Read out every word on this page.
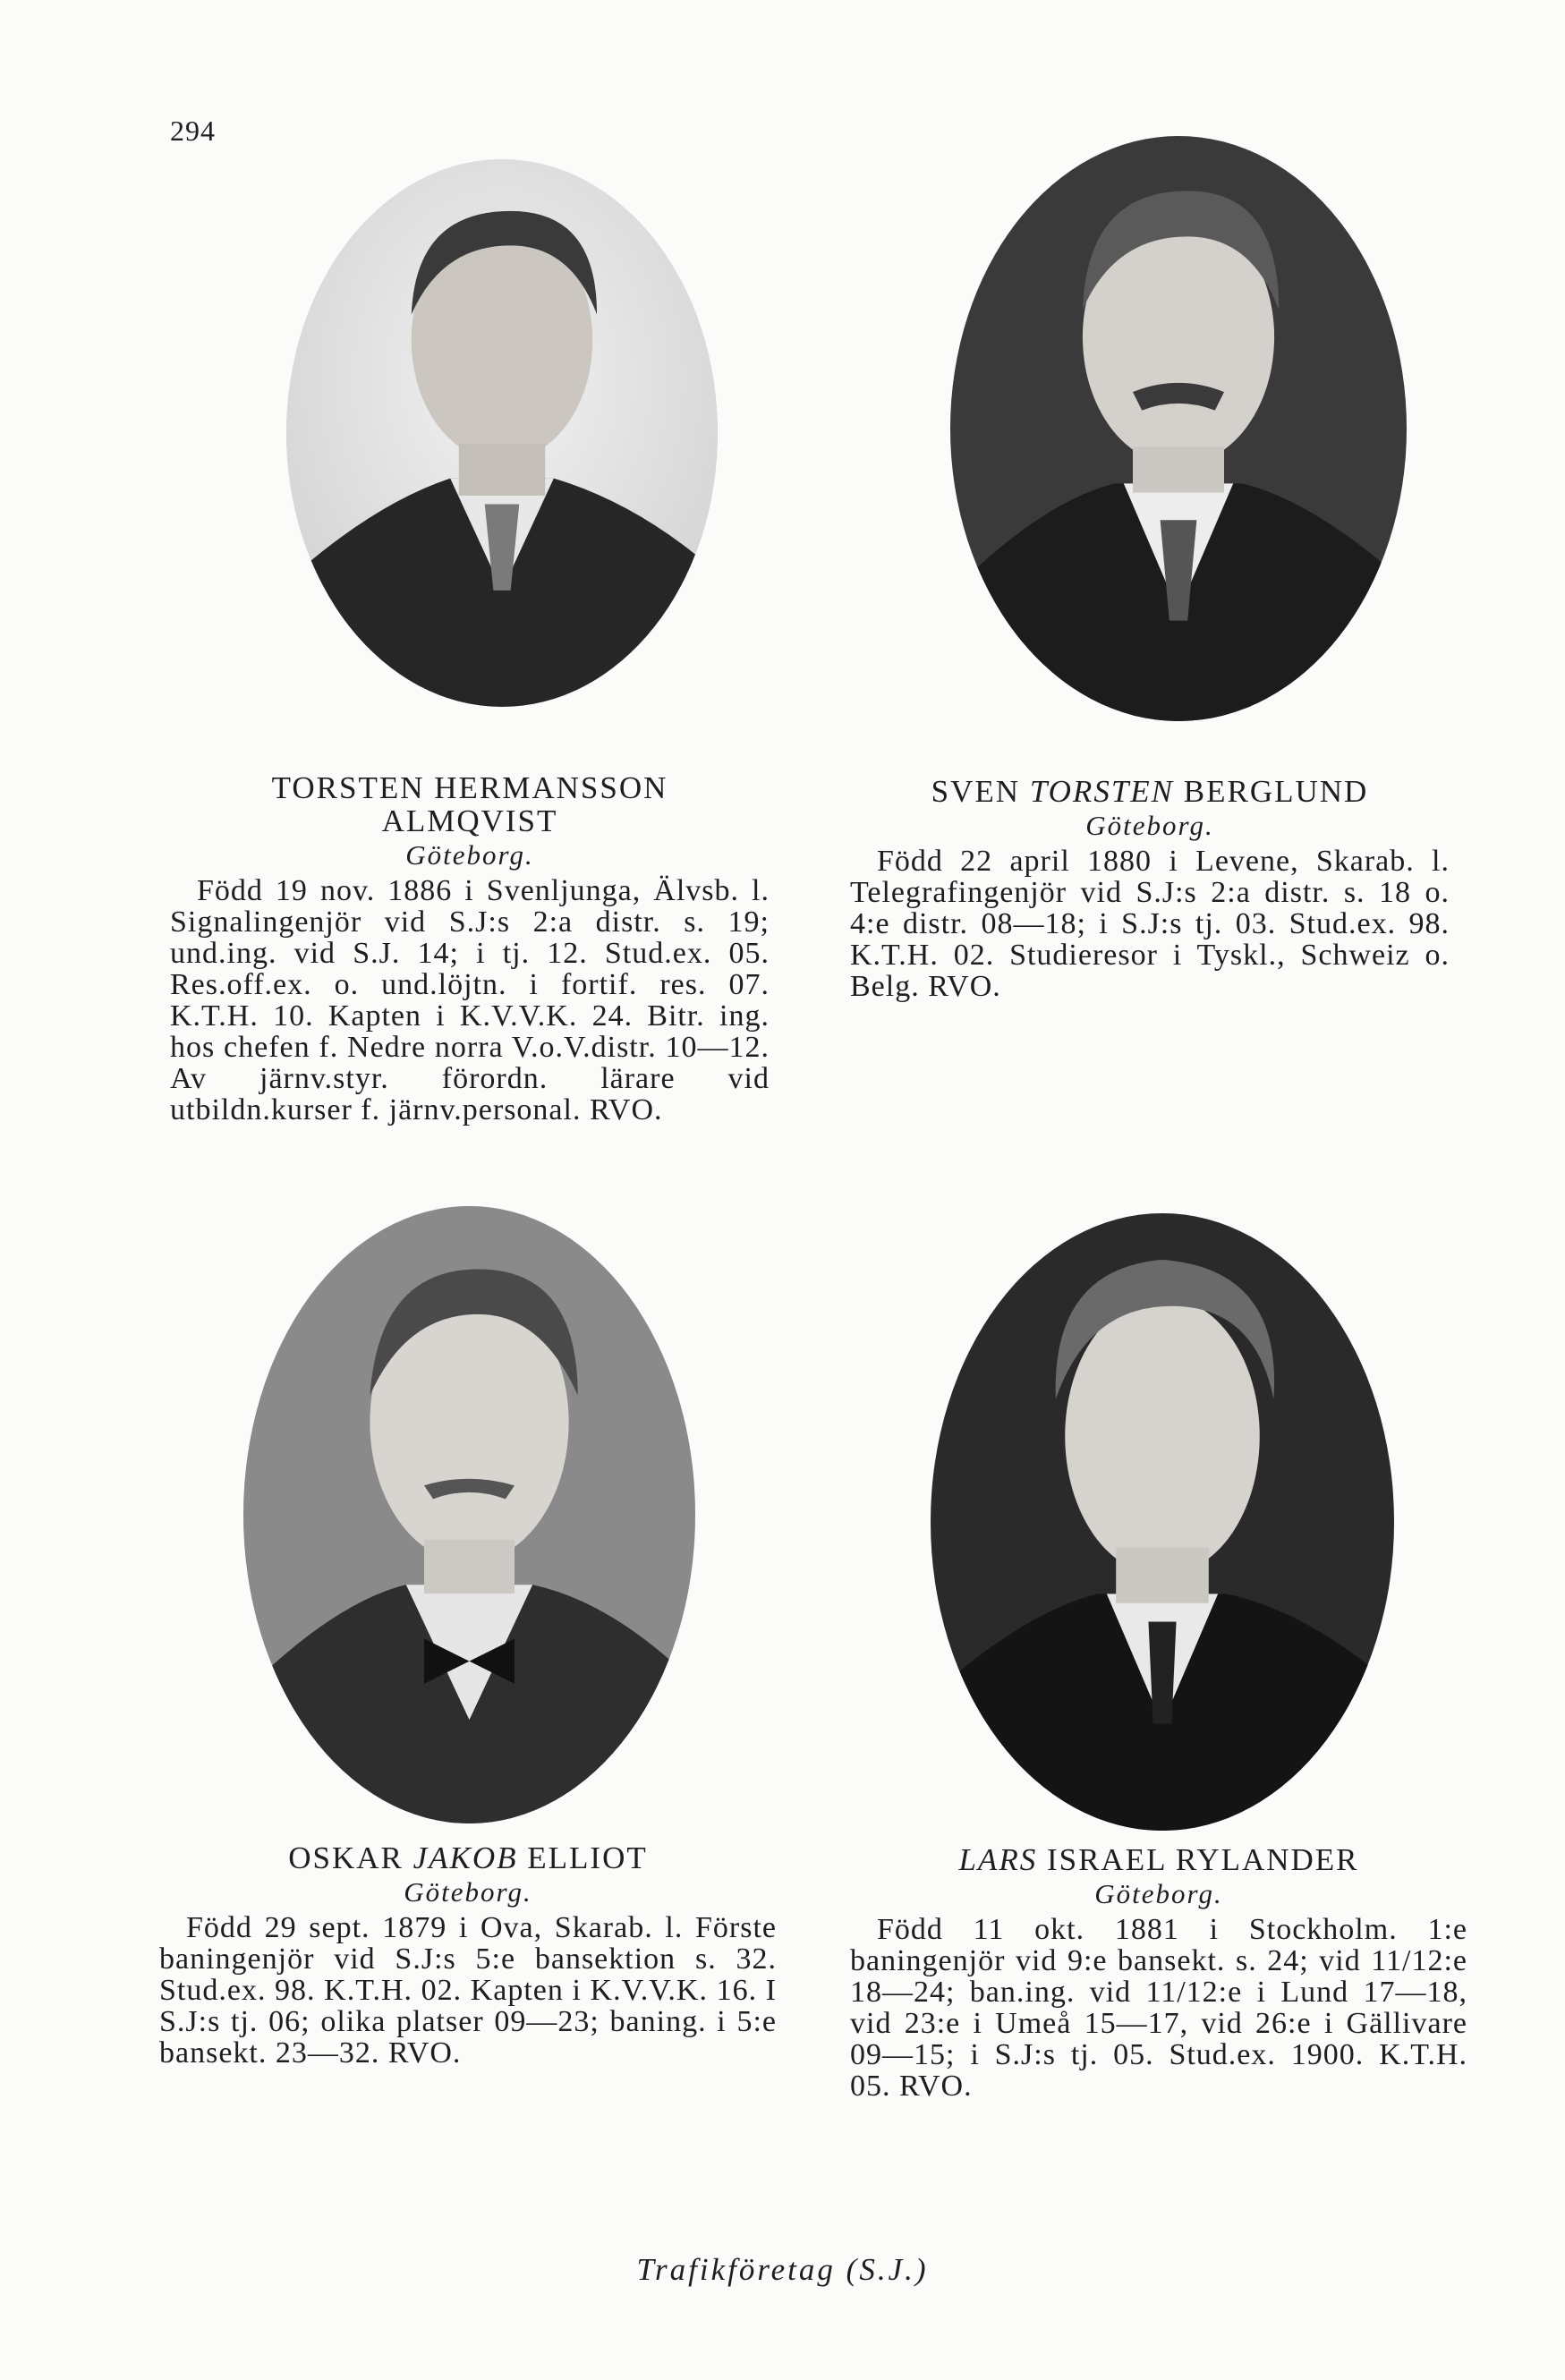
294
TORSTEN HERMANSSON
ALMQVIST
Göteborg.
Född 19 nov. 1886 i Svenljunga, Älvsb. l. Signalingenjör vid S.J:s 2:a distr. s. 19; und.ing. vid S.J. 14; i tj. 12. Stud.ex. 05. Res.off.ex. o. und.löjtn. i fortif. res. 07. K.T.H. 10. Kapten i K.V.V.K. 24. Bitr. ing. hos chefen f. Nedre norra V.o.V.distr. 10—12. Av järnv.styr. förordn. lärare vid utbildn.kurser f. järnv.personal. RVO.
SVEN TORSTEN BERGLUND
Göteborg.
Född 22 april 1880 i Levene, Skarab. l. Telegrafingenjör vid S.J:s 2:a distr. s. 18 o. 4:e distr. 08—18; i S.J:s tj. 03. Stud.ex. 98. K.T.H. 02. Studieresor i Tyskl., Schweiz o. Belg. RVO.
OSKAR JAKOB ELLIOT
Göteborg.
Född 29 sept. 1879 i Ova, Skarab. l. Förste baningenjör vid S.J:s 5:e bansektion s. 32. Stud.ex. 98. K.T.H. 02. Kapten i K.V.V.K. 16. I S.J:s tj. 06; olika platser 09—23; baning. i 5:e bansekt. 23—32. RVO.
LARS ISRAEL RYLANDER
Göteborg.
Född 11 okt. 1881 i Stockholm. 1:e baningenjör vid 9:e bansekt. s. 24; vid 11/12:e 18—24; ban.ing. vid 11/12:e i Lund 17—18, vid 23:e i Umeå 15—17, vid 26:e i Gällivare 09—15; i S.J:s tj. 05. Stud.ex. 1900. K.T.H. 05. RVO.
Trafikföretag (S.J.)
